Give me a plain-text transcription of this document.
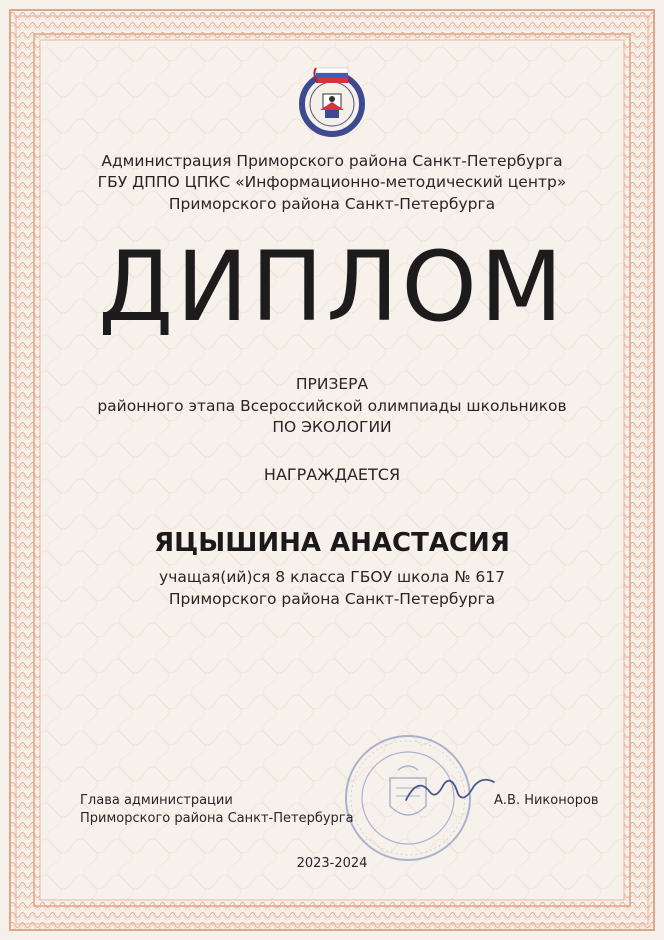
Администрация Приморского района Санкт-Петербурга
ГБУ ДППО ЦПКС «Информационно-методический центр»
Приморского района Санкт-Петербурга
ДИПЛОМ
ПРИЗЕРА
районного этапа Всероссийской олимпиады школьников
ПО ЭКОЛОГИИ
НАГРАЖДАЕТСЯ
ЯЦЫШИНА АНАСТАСИЯ
учащая(ий)ся 8 класса ГБОУ школа № 617
Приморского района Санкт-Петербурга
Глава администрации
Приморского района Санкт-Петербурга
А.В. Никоноров
2023-2024
